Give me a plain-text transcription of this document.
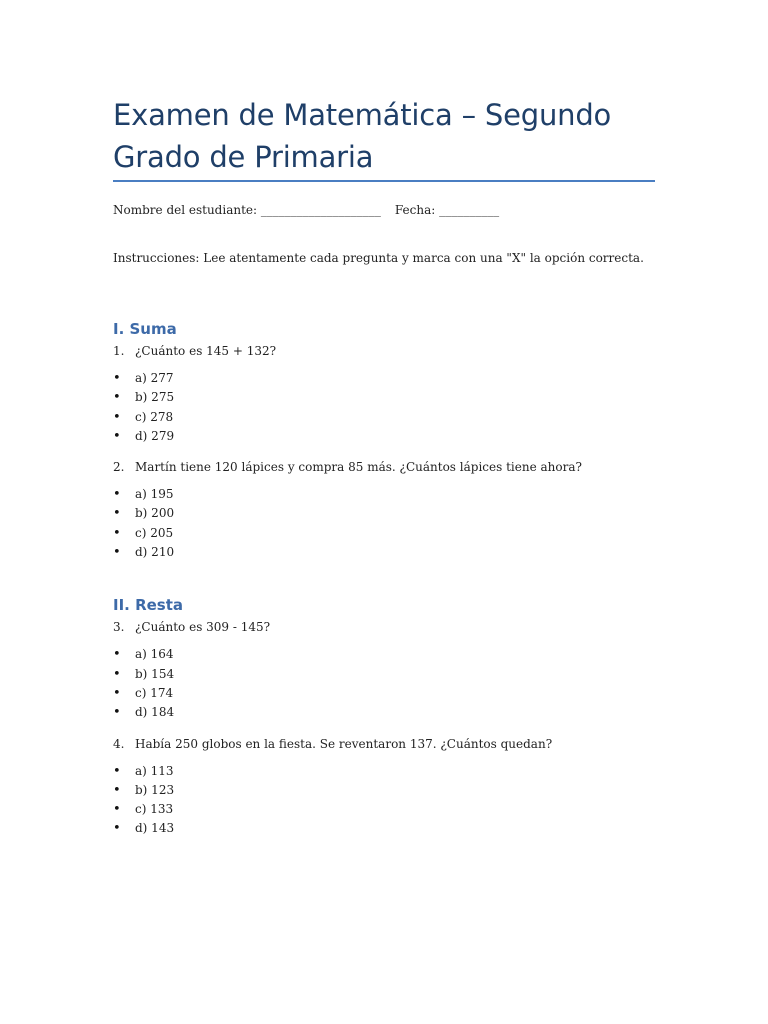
Examen de Matemática – Segundo Grado de Primaria
Nombre del estudiante: ____________________ Fecha: __________
Instrucciones: Lee atentamente cada pregunta y marca con una "X" la opción correcta.
I. Suma
1. ¿Cuánto es 145 + 132?
• a) 277
• b) 275
• c) 278
• d) 279
2. Martín tiene 120 lápices y compra 85 más. ¿Cuántos lápices tiene ahora?
• a) 195
• b) 200
• c) 205
• d) 210
II. Resta
3. ¿Cuánto es 309 - 145?
• a) 164
• b) 154
• c) 174
• d) 184
4. Había 250 globos en la fiesta. Se reventaron 137. ¿Cuántos quedan?
• a) 113
• b) 123
• c) 133
• d) 143
